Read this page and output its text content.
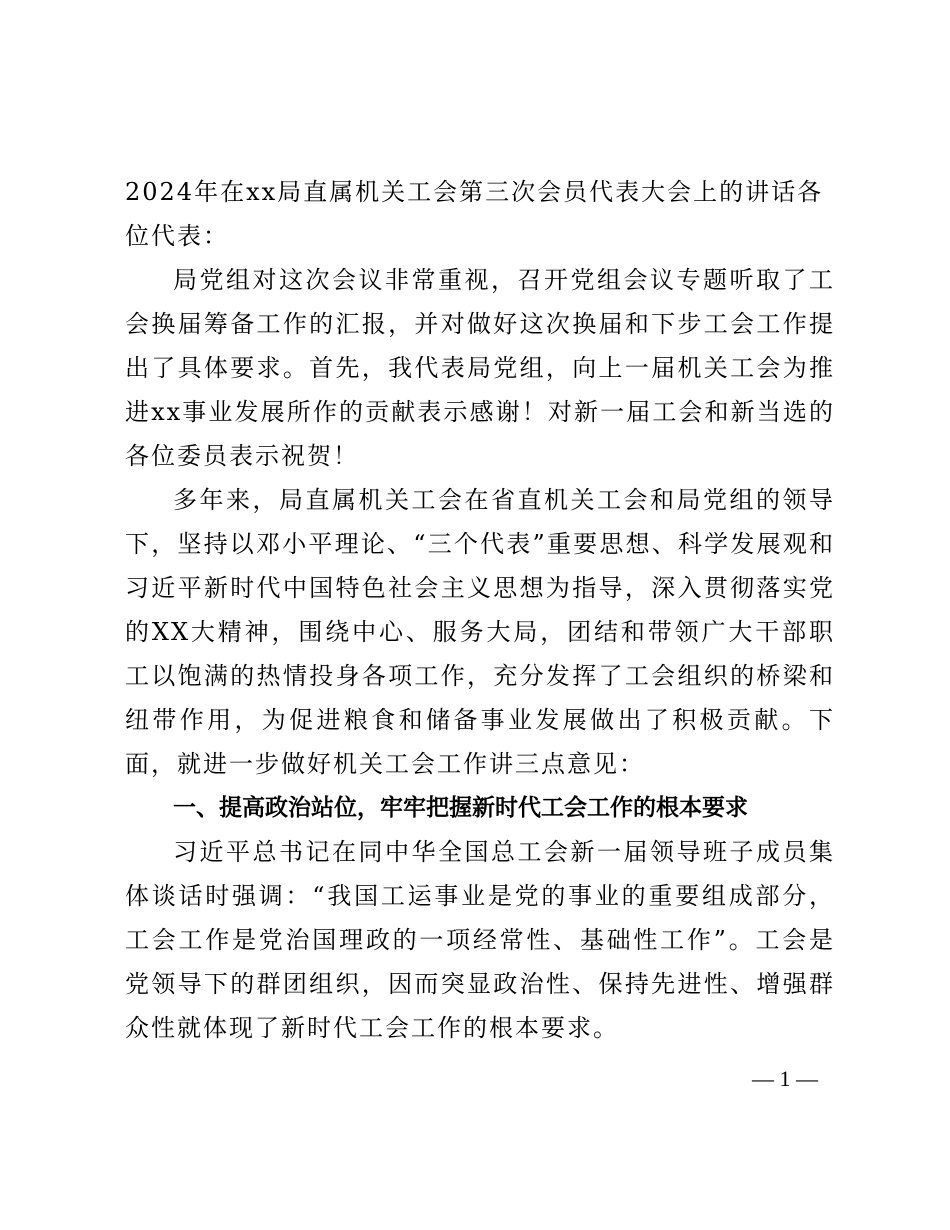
2024年在xx局直属机关工会第三次会员代表大会上的讲话各位代表：

局党组对这次会议非常重视，召开党组会议专题听取了工会换届筹备工作的汇报，并对做好这次换届和下步工会工作提出了具体要求。首先，我代表局党组，向上一届机关工会为推进xx事业发展所作的贡献表示感谢！对新一届工会和新当选的各位委员表示祝贺！

多年来，局直属机关工会在省直机关工会和局党组的领导下，坚持以邓小平理论、“三个代表”重要思想、科学发展观和习近平新时代中国特色社会主义思想为指导，深入贯彻落实党的XX大精神，围绕中心、服务大局，团结和带领广大干部职工以饱满的热情投身各项工作，充分发挥了工会组织的桥梁和纽带作用，为促进粮食和储备事业发展做出了积极贡献。下面，就进一步做好机关工会工作讲三点意见：

一、提高政治站位，牢牢把握新时代工会工作的根本要求

习近平总书记在同中华全国总工会新一届领导班子成员集体谈话时强调：“我国工运事业是党的事业的重要组成部分，工会工作是党治国理政的一项经常性、基础性工作”。工会是党领导下的群团组织，因而突显政治性、保持先进性、增强群众性就体现了新时代工会工作的根本要求。

— 1 —
